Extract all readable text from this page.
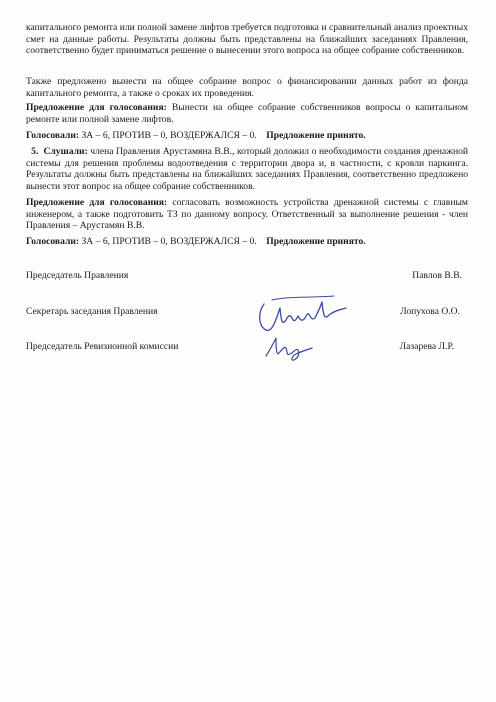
капитального ремонта или полной замене лифтов требуется подготовка и сравнительный анализ проектных смет на данные работы. Результаты должны быть представлены на ближайших заседаниях Правления, соответственно будет приниматься решение о вынесении этого вопроса на общее собрание собственников.

Также предложено вынести на общее собрание вопрос о финансировании данных работ из фонда капитального ремонта, а также о сроках их проведения.

Предложение для голосования: Вынести на общее собрание собственников вопросы о капитальном ремонте или полной замене лифтов.

Голосовали: ЗА – 6, ПРОТИВ – 0, ВОЗДЕРЖАЛСЯ – 0. Предложение принято.

5. Слушали: члена Правления Арустамяна В.В., который доложил о необходимости создания дренажной системы для решения проблемы водоотведения с территории двора и, в частности, с кровли паркинга. Результаты должны быть представлены на ближайших заседаниях Правления, соответственно предложено вынести этот вопрос на общее собрание собственников.

Предложение для голосования: согласовать возможность устройства дренажной системы с главным инженером, а также подготовить ТЗ по данному вопросу. Ответственный за выполнение решения - член Правления – Арустамян В.В.

Голосовали: ЗА – 6, ПРОТИВ – 0, ВОЗДЕРЖАЛСЯ – 0. Предложение принято.

Председатель Правления	Павлов В.В.
Секретарь заседания Правления	Лопухова О.О.
Председатель Ревизионной комиссии	Лазарева Л.Р.
